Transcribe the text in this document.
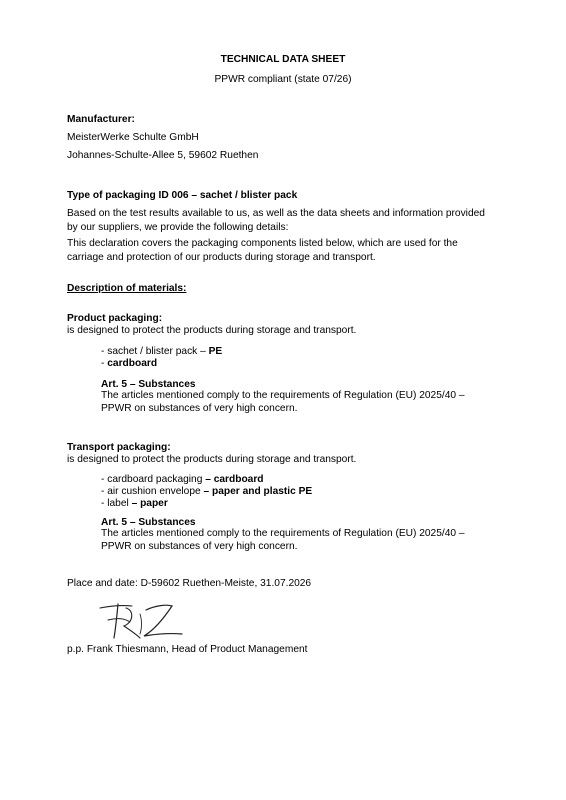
TECHNICAL DATA SHEET
PPWR compliant (state 07/26)
Manufacturer:
MeisterWerke Schulte GmbH
Johannes-Schulte-Allee 5, 59602 Ruethen
Type of packaging ID 006 – sachet / blister pack
Based on the test results available to us, as well as the data sheets and information provided by our suppliers, we provide the following details:
This declaration covers the packaging components listed below, which are used for the carriage and protection of our products during storage and transport.
Description of materials:
Product packaging:
is designed to protect the products during storage and transport.
- sachet / blister pack – PE
- cardboard
Art. 5 – Substances
The articles mentioned comply to the requirements of Regulation (EU) 2025/40 – PPWR on substances of very high concern.
Transport packaging:
is designed to protect the products during storage and transport.
- cardboard packaging – cardboard
- air cushion envelope – paper and plastic PE
- label – paper
Art. 5 – Substances
The articles mentioned comply to the requirements of Regulation (EU) 2025/40 – PPWR on substances of very high concern.
Place and date: D-59602 Ruethen-Meiste, 31.07.2026
p.p. Frank Thiesmann, Head of Product Management
